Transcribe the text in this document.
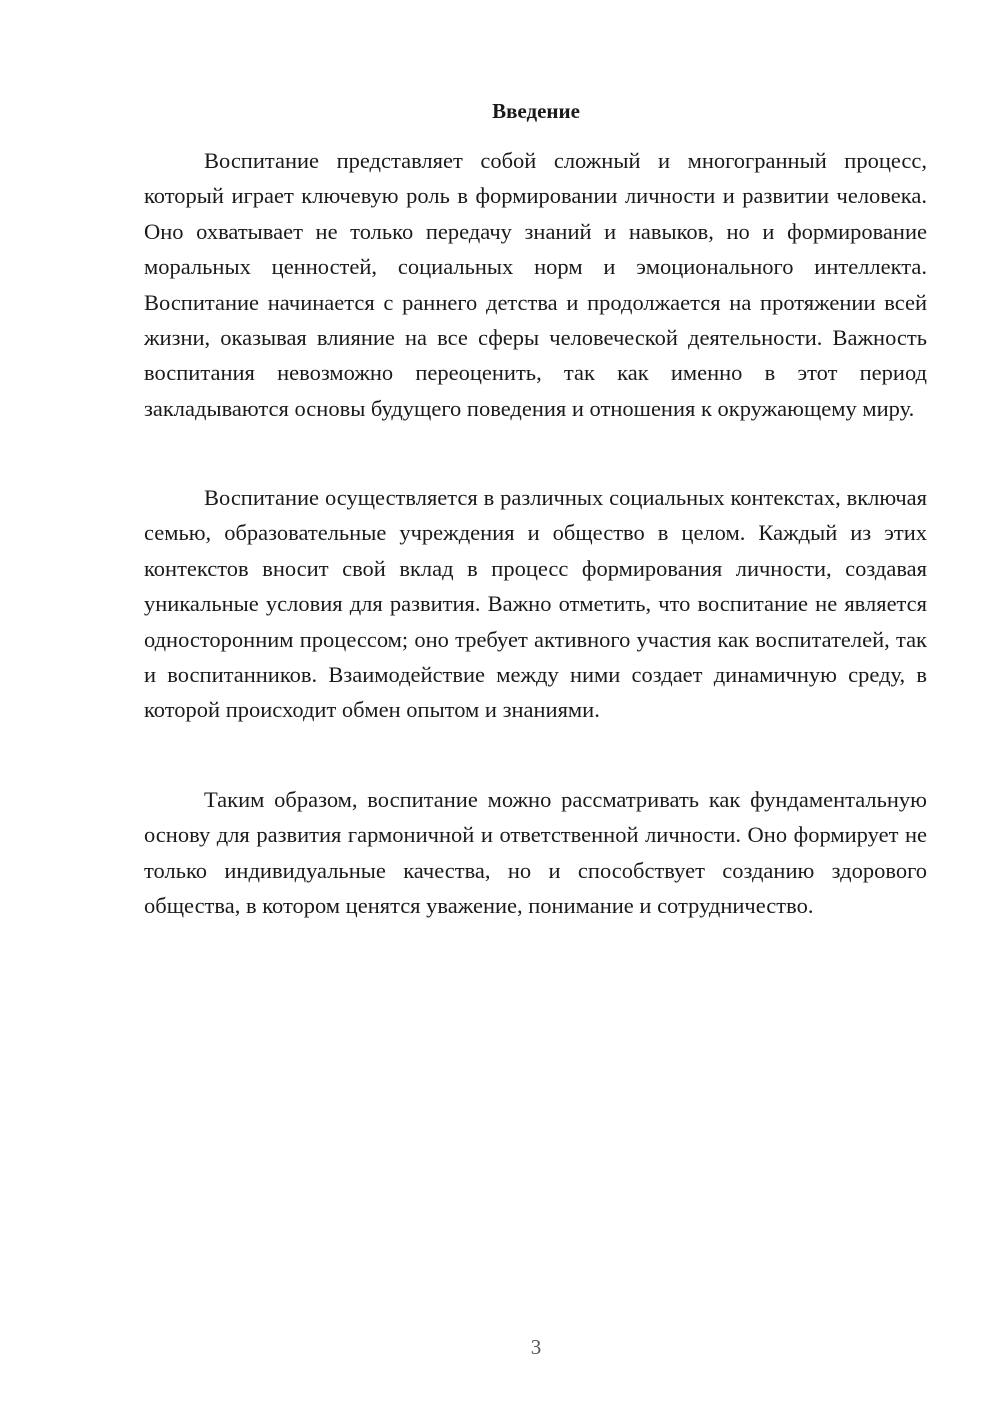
Введение

Воспитание представляет собой сложный и многогранный процесс, который играет ключевую роль в формировании личности и развитии человека. Оно охватывает не только передачу знаний и навыков, но и формирование моральных ценностей, социальных норм и эмоционального интеллекта. Воспитание начинается с раннего детства и продолжается на протяжении всей жизни, оказывая влияние на все сферы человеческой деятельности. Важность воспитания невозможно переоценить, так как именно в этот период закладываются основы будущего поведения и отношения к окружающему миру.

Воспитание осуществляется в различных социальных контекстах, включая семью, образовательные учреждения и общество в целом. Каждый из этих контекстов вносит свой вклад в процесс формирования личности, создавая уникальные условия для развития. Важно отметить, что воспитание не является односторонним процессом; оно требует активного участия как воспитателей, так и воспитанников. Взаимодействие между ними создает динамичную среду, в которой происходит обмен опытом и знаниями.

Таким образом, воспитание можно рассматривать как фундаментальную основу для развития гармоничной и ответственной личности. Оно формирует не только индивидуальные качества, но и способствует созданию здорового общества, в котором ценятся уважение, понимание и сотрудничество.

3
